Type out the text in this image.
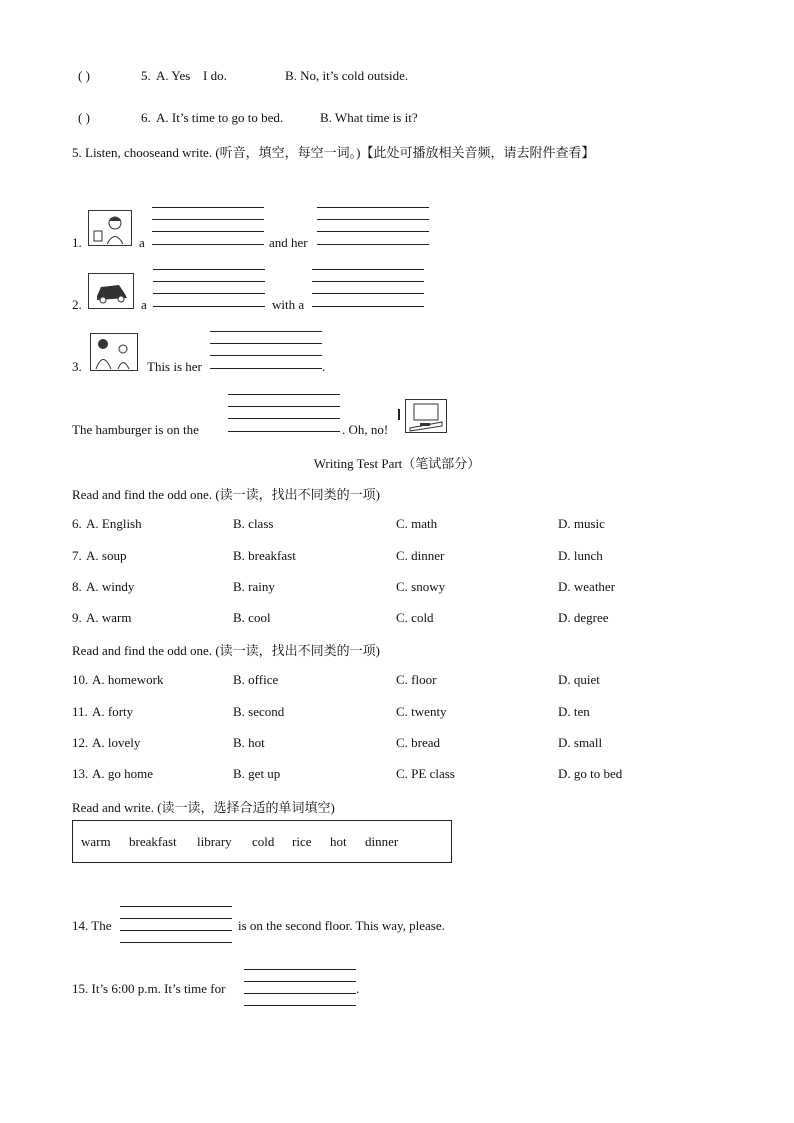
( )	5. A. Yes I do.	B. No, it’s cold outside.
( )	6. A. It’s time to go to bed.	B. What time is it?
5. Listen, chooseand write. (听音，填空，每空一词。)【此处可播放相关音频，请去附件查看】
1.	a	and her
2.	a	with a
3.	This is her	.
The hamburger is on the	. Oh, no!
Writing Test Part（笔试部分）
Read and find the odd one. (读一读，找出不同类的一项)
6. A. English	B. class	C. math	D. music
7. A. soup	B. breakfast	C. dinner	D. lunch
8. A. windy	B. rainy	C. snowy	D. weather
9. A. warm	B. cool	C. cold	D. degree
Read and find the odd one. (读一读，找出不同类的一项)
10. A. homework	B. office	C. floor	D. quiet
11. A. forty	B. second	C. twenty	D. ten
12. A. lovely	B. hot	C. bread	D. small
13. A. go home	B. get up	C. PE class	D. go to bed
Read and write. (读一读，选择合适的单词填空)
warm breakfast library cold rice hot dinner
14. The	is on the second floor. This way, please.
15. It’s 6:00 p.m. It’s time for	.
